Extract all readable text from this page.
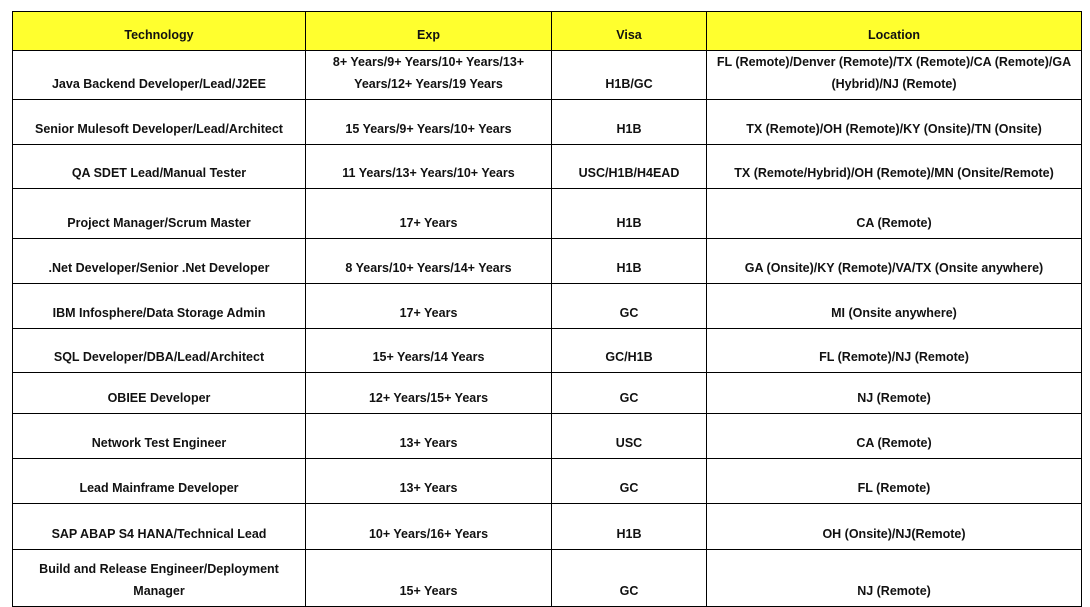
Technology	Exp	Visa	Location
Java Backend Developer/Lead/J2EE	8+ Years/9+ Years/10+ Years/13+ Years/12+ Years/19 Years	H1B/GC	FL (Remote)/Denver (Remote)/TX (Remote)/CA (Remote)/GA (Hybrid)/NJ (Remote)
Senior Mulesoft Developer/Lead/Architect	15 Years/9+ Years/10+ Years	H1B	TX (Remote)/OH (Remote)/KY (Onsite)/TN (Onsite)
QA SDET Lead/Manual Tester	11 Years/13+ Years/10+ Years	USC/H1B/H4EAD	TX (Remote/Hybrid)/OH (Remote)/MN (Onsite/Remote)
Project Manager/Scrum Master	17+ Years	H1B	CA (Remote)
.Net Developer/Senior .Net Developer	8 Years/10+ Years/14+ Years	H1B	GA (Onsite)/KY (Remote)/VA/TX (Onsite anywhere)
IBM Infosphere/Data Storage Admin	17+ Years	GC	MI (Onsite anywhere)
SQL Developer/DBA/Lead/Architect	15+ Years/14 Years	GC/H1B	FL (Remote)/NJ (Remote)
OBIEE Developer	12+ Years/15+ Years	GC	NJ (Remote)
Network Test Engineer	13+ Years	USC	CA (Remote)
Lead Mainframe Developer	13+ Years	GC	FL (Remote)
SAP ABAP S4 HANA/Technical Lead	10+ Years/16+ Years	H1B	OH (Onsite)/NJ(Remote)
Build and Release Engineer/Deployment Manager	15+ Years	GC	NJ (Remote)
